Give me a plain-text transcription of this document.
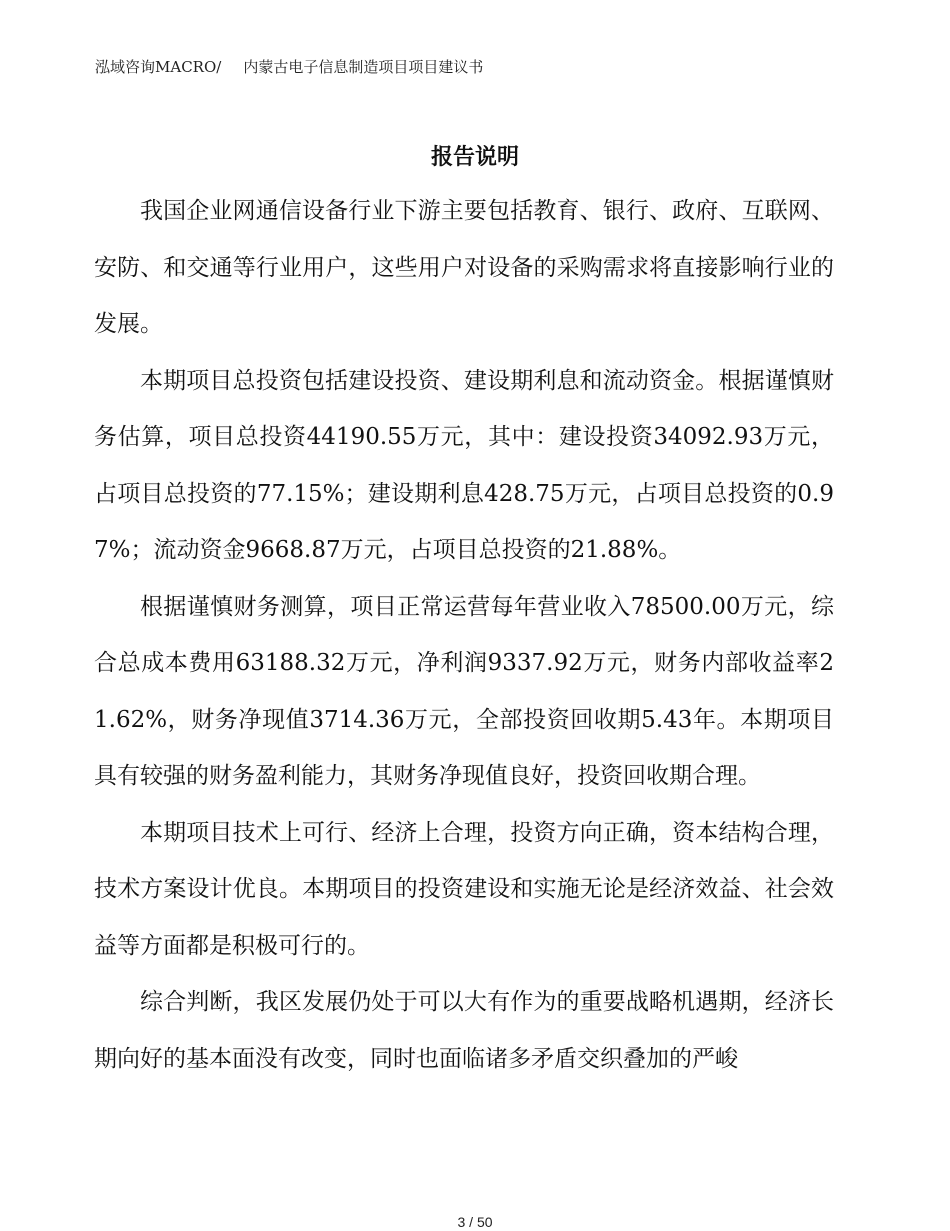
泓域咨询MACRO/ 内蒙古电子信息制造项目项目建议书
报告说明

我国企业网通信设备行业下游主要包括教育、银行、政府、互联网、安防、和交通等行业用户，这些用户对设备的采购需求将直接影响行业的发展。

本期项目总投资包括建设投资、建设期利息和流动资金。根据谨慎财务估算，项目总投资44190.55万元，其中：建设投资34092.93万元，占项目总投资的77.15%；建设期利息428.75万元，占项目总投资的0.97%；流动资金9668.87万元，占项目总投资的21.88%。

根据谨慎财务测算，项目正常运营每年营业收入78500.00万元，综合总成本费用63188.32万元，净利润9337.92万元，财务内部收益率21.62%，财务净现值3714.36万元，全部投资回收期5.43年。本期项目具有较强的财务盈利能力，其财务净现值良好，投资回收期合理。

本期项目技术上可行、经济上合理，投资方向正确，资本结构合理，技术方案设计优良。本期项目的投资建设和实施无论是经济效益、社会效益等方面都是积极可行的。

综合判断，我区发展仍处于可以大有作为的重要战略机遇期，经济长期向好的基本面没有改变，同时也面临诸多矛盾交织叠加的严峻

3 / 50
